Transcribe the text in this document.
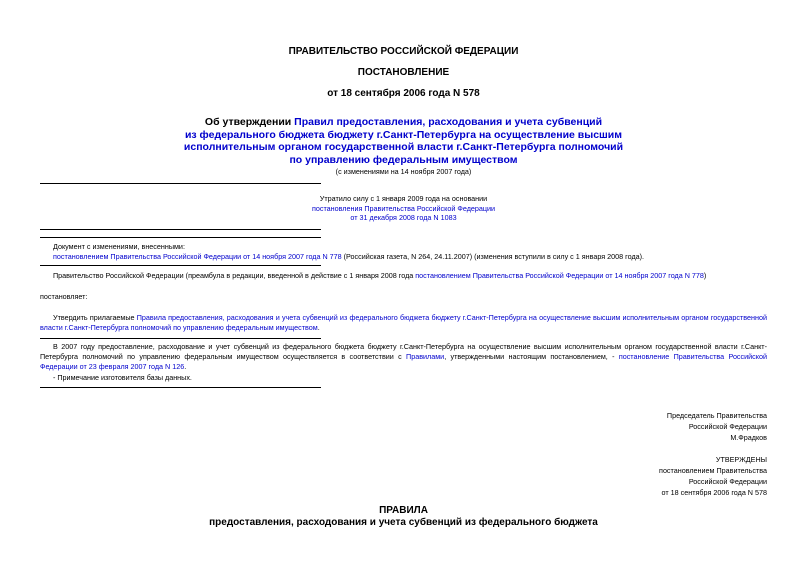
ПРАВИТЕЛЬСТВО РОССИЙСКОЙ ФЕДЕРАЦИИ
ПОСТАНОВЛЕНИЕ
от 18 сентября 2006 года N 578
Об утверждении Правил предоставления, расходования и учета субвенций
из федерального бюджета бюджету г.Санкт-Петербурга на осуществление высшим
исполнительным органом государственной власти г.Санкт-Петербурга полномочий
по управлению федеральным имуществом
(с изменениями на 14 ноября 2007 года)
Утратило силу с 1 января 2009 года на основании
постановления Правительства Российской Федерации
от 31 декабря 2008 года N 1083
Документ с изменениями, внесенными:
постановлением Правительства Российской Федерации от 14 ноября 2007 года N 778 (Российская газета, N 264, 24.11.2007) (изменения вступили в силу с 1 января 2008 года).
Правительство Российской Федерации (преамбула в редакции, введенной в действие с 1 января 2008 года постановлением Правительства Российской Федерации от 14 ноября 2007 года N 778)
постановляет:
Утвердить прилагаемые Правила предоставления, расходования и учета субвенций из федерального бюджета бюджету г.Санкт-Петербурга на осуществление высшим исполнительным органом государственной власти г.Санкт-Петербурга полномочий по управлению федеральным имуществом.
В 2007 году предоставление, расходование и учет субвенций из федерального бюджета бюджету г.Санкт-Петербурга на осуществление высшим исполнительным органом государственной власти г.Санкт-Петербурга полномочий по управлению федеральным имуществом осуществляется в соответствии с Правилами, утвержденными настоящим постановлением, - постановление Правительства Российской Федерации от 23 февраля 2007 года N 126.
- Примечание изготовителя базы данных.
Председатель Правительства
Российской Федерации
М.Фрадков
УТВЕРЖДЕНЫ
постановлением Правительства
Российской Федерации
от 18 сентября 2006 года N 578
ПРАВИЛА
предоставления, расходования и учета субвенций из федерального бюджета
